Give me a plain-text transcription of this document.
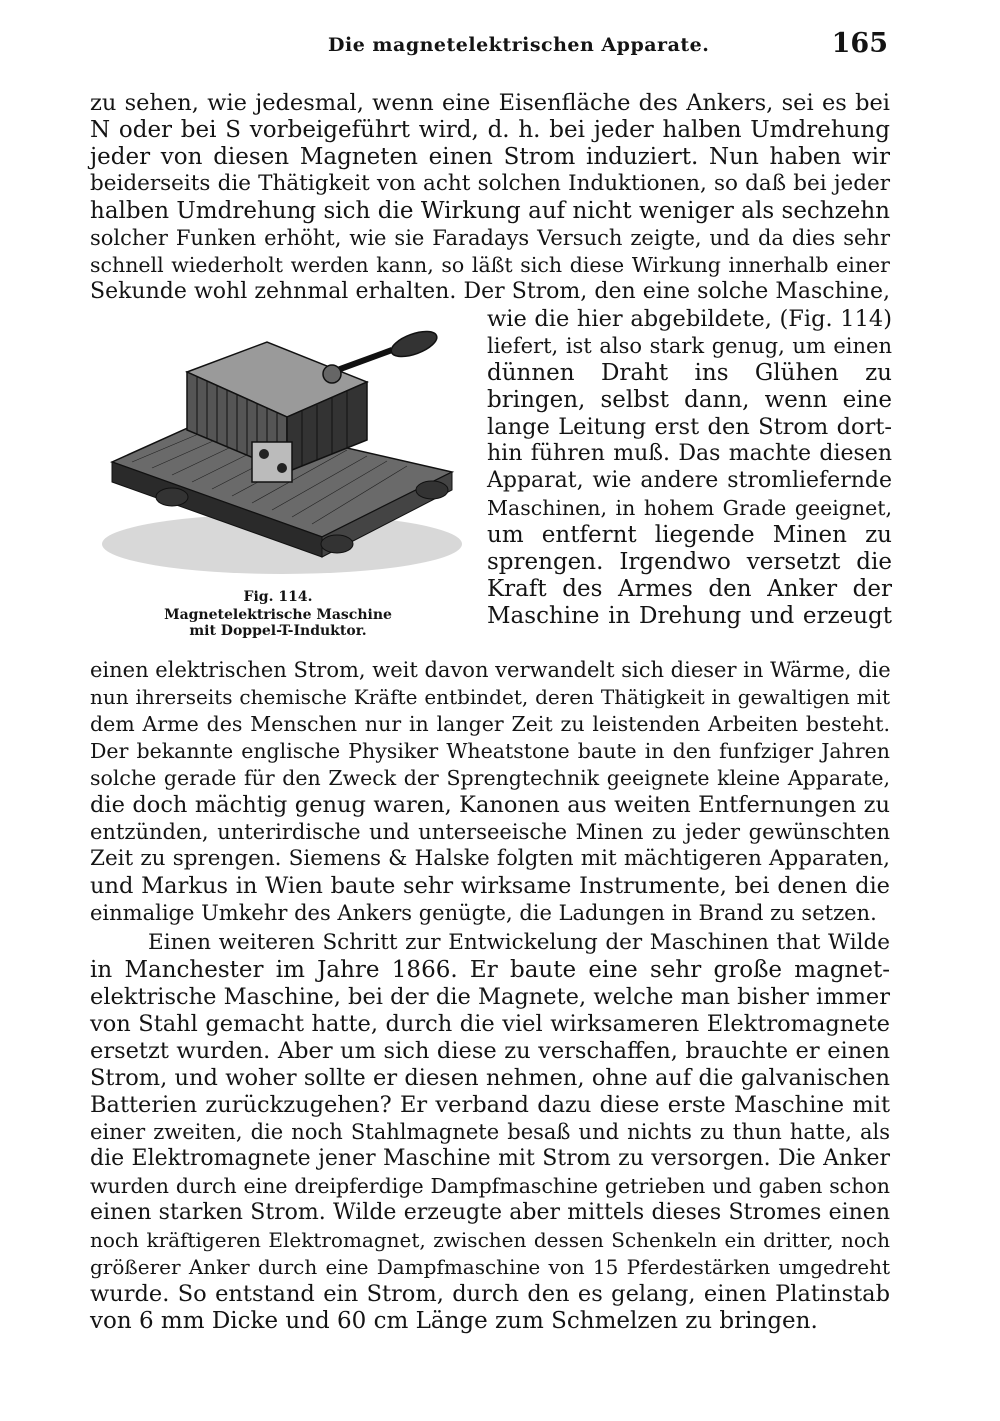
Die magnetelektrischen Apparate.	165
zu sehen, wie jedesmal, wenn eine Eisenfläche des Ankers, sei es bei
N oder bei S vorbeigeführt wird, d. h. bei jeder halben Umdrehung
jeder von diesen Magneten einen Strom induziert. Nun haben wir
beiderseits die Thätigkeit von acht solchen Induktionen, so daß bei jeder
halben Umdrehung sich die Wirkung auf nicht weniger als sechzehn
solcher Funken erhöht, wie sie Faradays Versuch zeigte, und da dies sehr
schnell wiederholt werden kann, so läßt sich diese Wirkung innerhalb einer
Sekunde wohl zehnmal erhalten. Der Strom, den eine solche Maschine,
wie die hier abgebildete, (Fig. 114)
liefert, ist also stark genug, um einen
dünnen Draht ins Glühen zu
bringen, selbst dann, wenn eine
lange Leitung erst den Strom dort-
hin führen muß. Das machte diesen
Apparat, wie andere stromliefernde
Maschinen, in hohem Grade geeignet,
um entfernt liegende Minen zu
sprengen. Irgendwo versetzt die
Kraft des Armes den Anker der
Maschine in Drehung und erzeugt
Fig. 114.
Magnetelektrische Maschine
mit Doppel-T-Induktor.
einen elektrischen Strom, weit davon verwandelt sich dieser in Wärme, die
nun ihrerseits chemische Kräfte entbindet, deren Thätigkeit in gewaltigen mit
dem Arme des Menschen nur in langer Zeit zu leistenden Arbeiten besteht.
Der bekannte englische Physiker Wheatstone baute in den funfziger Jahren
solche gerade für den Zweck der Sprengtechnik geeignete kleine Apparate,
die doch mächtig genug waren, Kanonen aus weiten Entfernungen zu
entzünden, unterirdische und unterseeische Minen zu jeder gewünschten
Zeit zu sprengen. Siemens & Halske folgten mit mächtigeren Apparaten,
und Markus in Wien baute sehr wirksame Instrumente, bei denen die
einmalige Umkehr des Ankers genügte, die Ladungen in Brand zu setzen.
Einen weiteren Schritt zur Entwickelung der Maschinen that Wilde
in Manchester im Jahre 1866. Er baute eine sehr große magnet-
elektrische Maschine, bei der die Magnete, welche man bisher immer
von Stahl gemacht hatte, durch die viel wirksameren Elektromagnete
ersetzt wurden. Aber um sich diese zu verschaffen, brauchte er einen
Strom, und woher sollte er diesen nehmen, ohne auf die galvanischen
Batterien zurückzugehen? Er verband dazu diese erste Maschine mit
einer zweiten, die noch Stahlmagnete besaß und nichts zu thun hatte, als
die Elektromagnete jener Maschine mit Strom zu versorgen. Die Anker
wurden durch eine dreipferdige Dampfmaschine getrieben und gaben schon
einen starken Strom. Wilde erzeugte aber mittels dieses Stromes einen
noch kräftigeren Elektromagnet, zwischen dessen Schenkeln ein dritter, noch
größerer Anker durch eine Dampfmaschine von 15 Pferdestärken umgedreht
wurde. So entstand ein Strom, durch den es gelang, einen Platinstab
von 6 mm Dicke und 60 cm Länge zum Schmelzen zu bringen.
